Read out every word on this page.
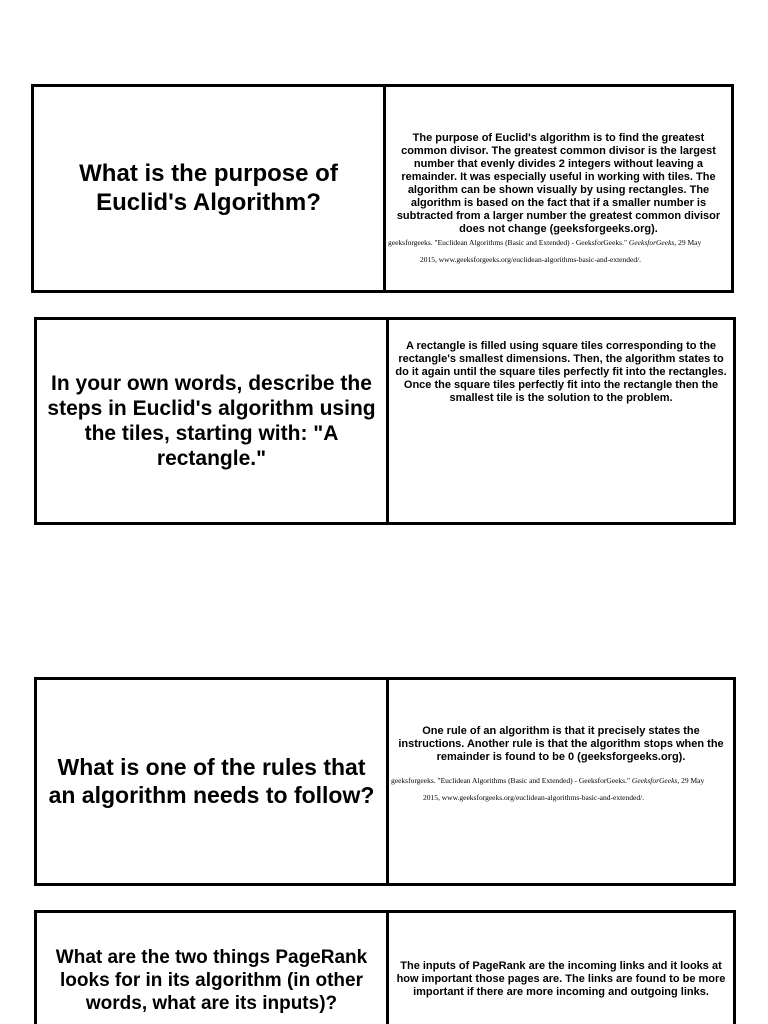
What is the purpose of Euclid's Algorithm?
The purpose of Euclid's algorithm is to find the greatest common divisor. The greatest common divisor is the largest number that evenly divides 2 integers without leaving a remainder. It was especially useful in working with tiles. The algorithm can be shown visually by using rectangles. The algorithm is based on the fact that if a smaller number is subtracted from a larger number the greatest common divisor does not change (geeksforgeeks.org).
geeksforgeeks. "Euclidean Algorithms (Basic and Extended) - GeeksforGeeks." GeeksforGeeks, 29 May
2015, www.geeksforgeeks.org/euclidean-algorithms-basic-and-extended/.
In your own words, describe the steps in Euclid's algorithm using the tiles, starting with: "A rectangle."
A rectangle is filled using square tiles corresponding to the rectangle's smallest dimensions. Then, the algorithm states to do it again until the square tiles perfectly fit into the rectangles. Once the square tiles perfectly fit into the rectangle then the smallest tile is the solution to the problem.
What is one of the rules that an algorithm needs to follow?
One rule of an algorithm is that it precisely states the instructions. Another rule is that the algorithm stops when the remainder is found to be 0 (geeksforgeeks.org).
geeksforgeeks. "Euclidean Algorithms (Basic and Extended) - GeeksforGeeks." GeeksforGeeks, 29 May
2015, www.geeksforgeeks.org/euclidean-algorithms-basic-and-extended/.
What are the two things PageRank looks for in its algorithm (in other words, what are its inputs)?
The inputs of PageRank are the incoming links and it looks at how important those pages are. The links are found to be more important if there are more incoming and outgoing links.
